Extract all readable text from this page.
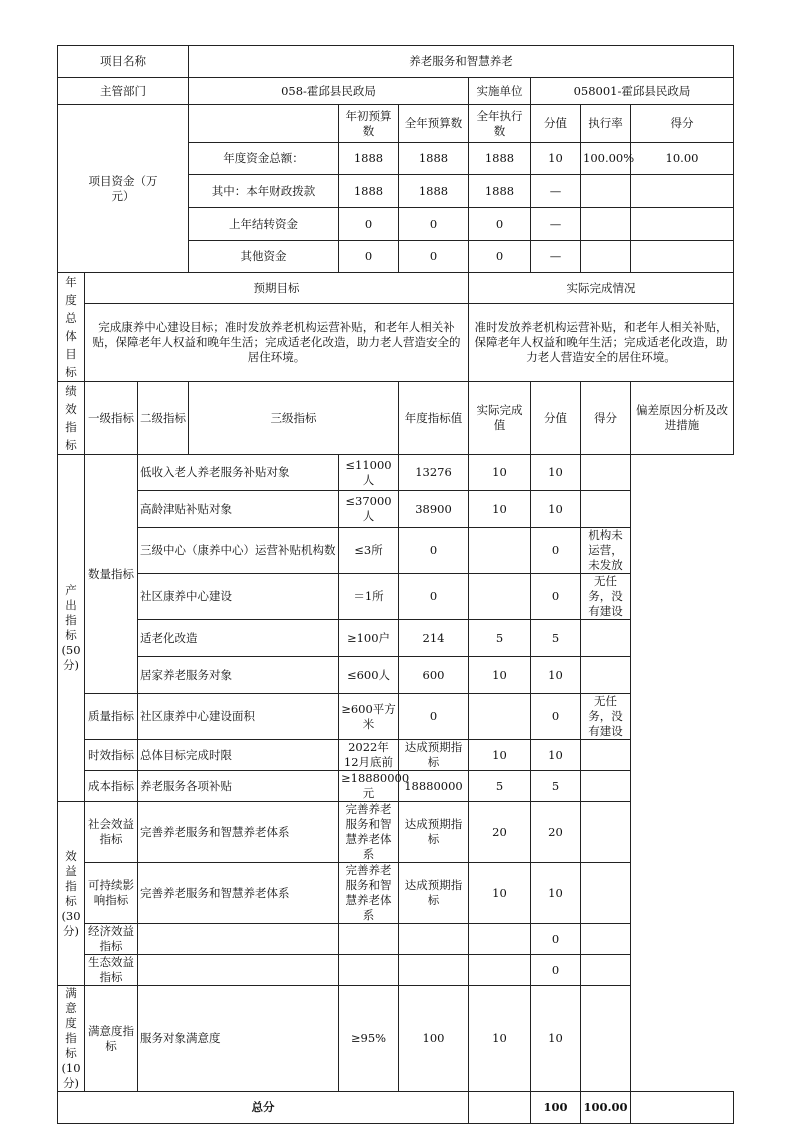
项目名称			养老服务和智慧养老						
主管部门			058-霍邱县民政局			实施单位	058001-霍邱县民政局		
项目资金（万元）				年初预算数	全年预算数	全年执行数	分值	执行率	得分
			年度资金总额：	1888	1888	1888	10	100.00%	10.00
			其中：本年财政拨款	1888	1888	1888	—		
			上年结转资金	0	0	0	—		
			其他资金	0	0	0	—		
年度总体目标	预期目标					实际完成情况			
	完成康养中心建设目标；准时发放养老机构运营补贴，和老年人相关补贴，保障老年人权益和晚年生活；完成适老化改造，助力老人营造安全的居住环境。					准时发放养老机构运营补贴，和老年人相关补贴，保障老年人权益和晚年生活；完成适老化改造，助力老人营造安全的居住环境。			
绩效指标	一级指标	二级指标	三级指标		年度指标值	实际完成值	分值	得分	偏差原因分析及改进措施
产出指标(50分)	数量指标	低收入老人养老服务补贴对象		≤11000人	13276	10	10		
		高龄津贴补贴对象		≤37000人	38900	10	10		
		三级中心（康养中心）运营补贴机构数		≤3所	0		0	机构未运营，未发放	
		社区康养中心建设		＝1所	0		0	无任务，没有建设	
		适老化改造		≥100户	214	5	5		
		居家养老服务对象		≤600人	600	10	10		
	质量指标	社区康养中心建设面积		≥600平方米	0		0	无任务，没有建设	
	时效指标	总体目标完成时限		2022年12月底前	达成预期指标	10	10		
	成本指标	养老服务各项补贴		≥18880000元	18880000	5	5		
效益指标(30分)	社会效益指标	完善养老服务和智慧养老体系		完善养老服务和智慧养老体系	达成预期指标	20	20		
	可持续影响指标	完善养老服务和智慧养老体系		完善养老服务和智慧养老体系	达成预期指标	10	10		
	经济效益指标						0		
	生态效益指标						0		
满意度指标(10分)	满意度指标	服务对象满意度		≥95%	100	10	10		
总分							100	100.00	
